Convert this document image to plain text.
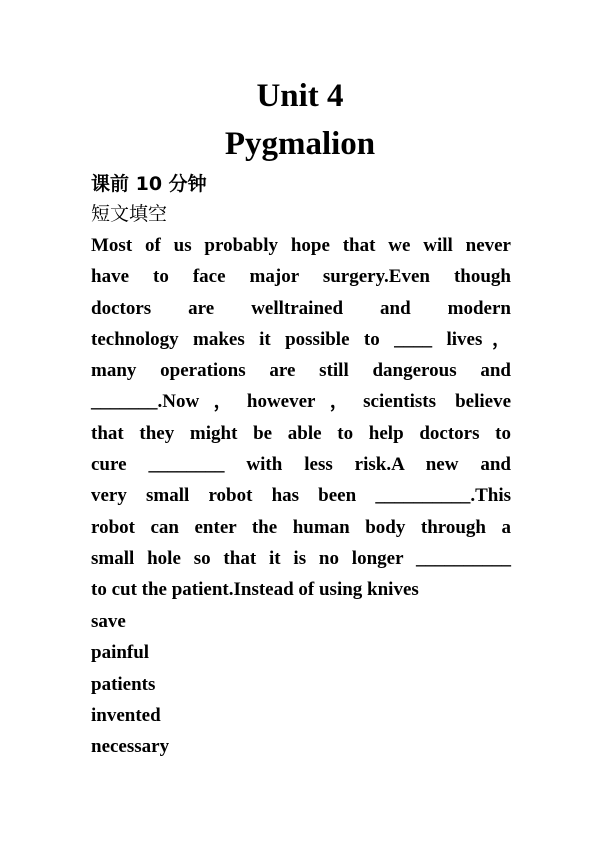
Unit 4
Pygmalion
课前 10 分钟
短文填空
Most of us probably hope that we will never
have to face major surgery.Even though
doctors are welltrained and modern
technology makes it possible to ____ lives，
many operations are still dangerous and
_______.Now，however，scientists believe
that they might be able to help doctors to
cure ________ with less risk.A new and
very small robot has been __________.This
robot can enter the human body through a
small hole so that it is no longer __________
to cut the patient.Instead of using knives
save
painful
patients
invented
necessary
